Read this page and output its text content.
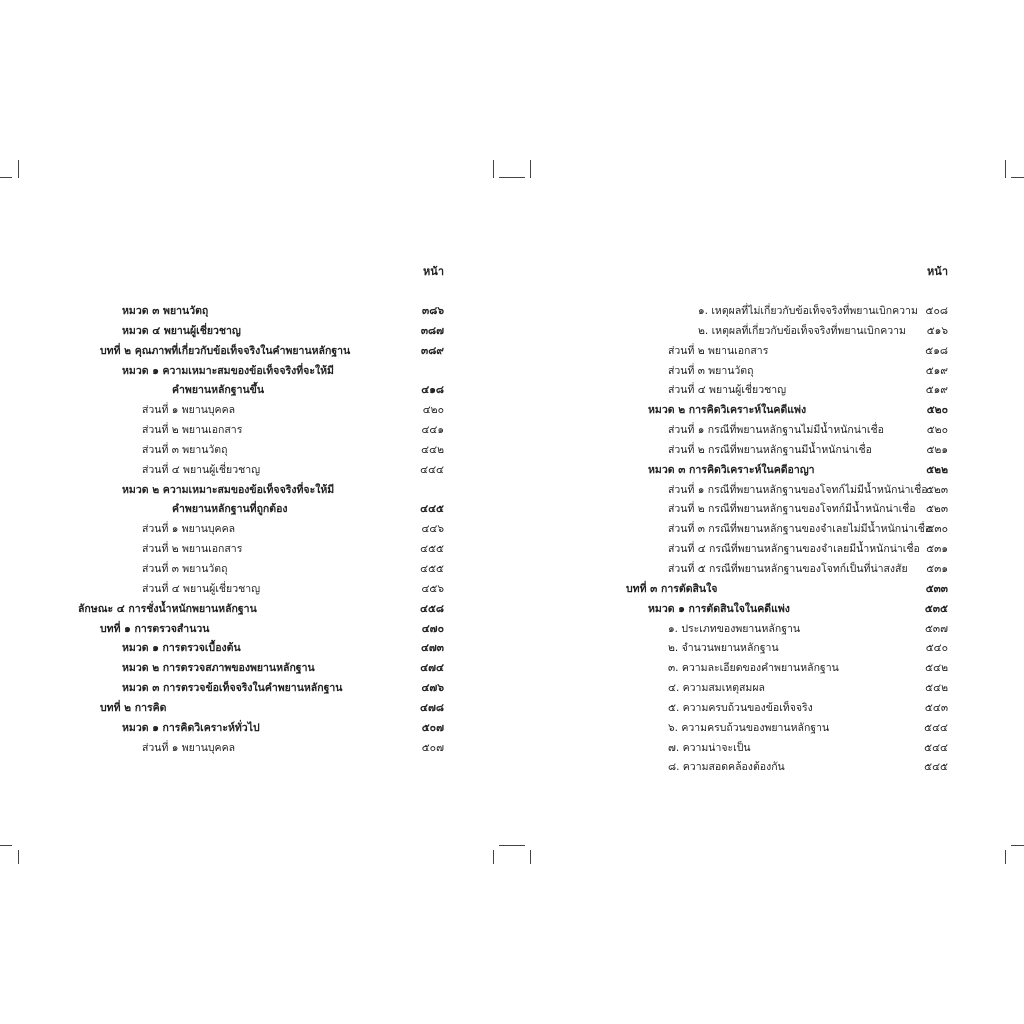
หน้า
หมวด ๓ พยานวัตถุ	๓๘๖
หมวด ๔ พยานผู้เชี่ยวชาญ	๓๘๗
บทที่ ๒ คุณภาพที่เกี่ยวกับข้อเท็จจริงในคำพยานหลักฐาน	๓๘๙
หมวด ๑ ความเหมาะสมของข้อเท็จจริงที่จะให้มี
คำพยานหลักฐานขึ้น	๔๑๘
ส่วนที่ ๑ พยานบุคคล	๔๒๐
ส่วนที่ ๒ พยานเอกสาร	๔๔๑
ส่วนที่ ๓ พยานวัตถุ	๔๔๒
ส่วนที่ ๔ พยานผู้เชี่ยวชาญ	๔๔๔
หมวด ๒ ความเหมาะสมของข้อเท็จจริงที่จะให้มี
คำพยานหลักฐานที่ถูกต้อง	๔๔๕
ส่วนที่ ๑ พยานบุคคล	๔๔๖
ส่วนที่ ๒ พยานเอกสาร	๔๕๕
ส่วนที่ ๓ พยานวัตถุ	๔๕๕
ส่วนที่ ๔ พยานผู้เชี่ยวชาญ	๔๕๖
ลักษณะ ๔ การชั่งน้ำหนักพยานหลักฐาน	๔๕๘
บทที่ ๑ การตรวจสำนวน	๔๗๐
หมวด ๑ การตรวจเบื้องต้น	๔๗๓
หมวด ๒ การตรวจสภาพของพยานหลักฐาน	๔๗๔
หมวด ๓ การตรวจข้อเท็จจริงในคำพยานหลักฐาน	๔๗๖
บทที่ ๒ การคิด	๔๗๘
หมวด ๑ การคิดวิเคราะห์ทั่วไป	๕๐๗
ส่วนที่ ๑ พยานบุคคล	๕๐๗
หน้า
๑. เหตุผลที่ไม่เกี่ยวกับข้อเท็จจริงที่พยานเบิกความ ๕๐๘
๒. เหตุผลที่เกี่ยวกับข้อเท็จจริงที่พยานเบิกความ ๕๑๖
ส่วนที่ ๒ พยานเอกสาร	๕๑๘
ส่วนที่ ๓ พยานวัตถุ	๕๑๙
ส่วนที่ ๔ พยานผู้เชี่ยวชาญ	๕๑๙
หมวด ๒ การคิดวิเคราะห์ในคดีแพ่ง	๕๒๐
ส่วนที่ ๑ กรณีที่พยานหลักฐานไม่มีน้ำหนักน่าเชื่อ	๕๒๐
ส่วนที่ ๒ กรณีที่พยานหลักฐานมีน้ำหนักน่าเชื่อ	๕๒๑
หมวด ๓ การคิดวิเคราะห์ในคดีอาญา	๕๒๒
ส่วนที่ ๑ กรณีที่พยานหลักฐานของโจทก์ไม่มีน้ำหนักน่าเชื่อ
๕๒๓
ส่วนที่ ๒ กรณีที่พยานหลักฐานของโจทก์มีน้ำหนักน่าเชื่อ ๕๒๓
ส่วนที่ ๓ กรณีที่พยานหลักฐานของจำเลยไม่มีน้ำหนักน่าเชื่อ
๕๓๐
ส่วนที่ ๔ กรณีที่พยานหลักฐานของจำเลยมีน้ำหนักน่าเชื่อ ๕๓๑
ส่วนที่ ๕ กรณีที่พยานหลักฐานของโจทก์เป็นที่น่าสงสัย ๕๓๑
บทที่ ๓ การตัดสินใจ	๕๓๓
หมวด ๑ การตัดสินใจในคดีแพ่ง	๕๓๕
๑. ประเภทของพยานหลักฐาน	๕๓๗
๒. จำนวนพยานหลักฐาน	๕๔๐
๓. ความละเอียดของคำพยานหลักฐาน	๕๔๒
๔. ความสมเหตุสมผล	๕๔๒
๕. ความครบถ้วนของข้อเท็จจริง	๕๔๓
๖. ความครบถ้วนของพยานหลักฐาน	๕๔๔
๗. ความน่าจะเป็น	๕๔๔
๘. ความสอดคล้องต้องกัน	๕๔๕
